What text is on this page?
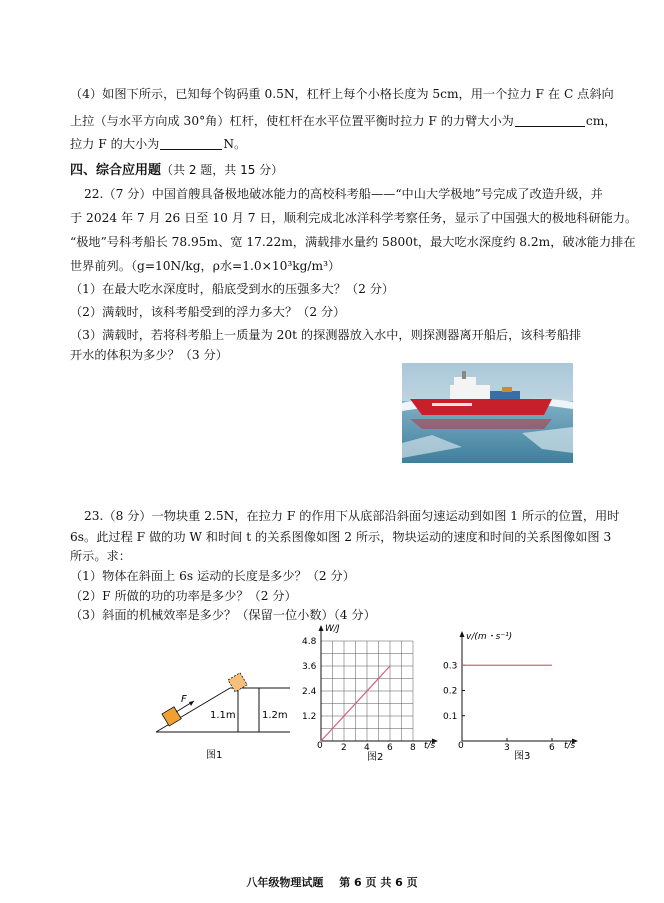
（4）如图下所示，已知每个钩码重 0.5N，杠杆上每个小格长度为 5cm，用一个拉力 F 在 C 点斜向
上拉（与水平方向成 30°角）杠杆，使杠杆在水平位置平衡时拉力 F 的力臂大小为	cm，
拉力 F 的大小为	N。
四、综合应用题（共 2 题，共 15 分）
22.（7 分）中国首艘具备极地破冰能力的高校科考船——“中山大学极地”号完成了改造升级，并
于 2024 年 7 月 26 日至 10 月 7 日，顺利完成北冰洋科学考察任务，显示了中国强大的极地科研能力。
“极地”号科考船长 78.95m、宽 17.22m，满载排水量约 5800t，最大吃水深度约 8.2m，破冰能力排在
世界前列。（g=10N/kg，ρ水=1.0×10³kg/m³）
（1）在最大吃水深度时，船底受到水的压强多大？（2 分）
（2）满载时，该科考船受到的浮力多大？（2 分）
（3）满载时，若将科考船上一质量为 20t 的探测器放入水中，则探测器离开船后，该科考船排
开水的体积为多少？（3 分）
23.（8 分）一物块重 2.5N，在拉力 F 的作用下从底部沿斜面匀速运动到如图 1 所示的位置，用时
6s。此过程 F 做的功 W 和时间 t 的关系图像如图 2 所示，物块运动的速度和时间的关系图像如图 3
所示。求：
（1）物体在斜面上 6s 运动的长度是多少？（2 分）
（2）F 所做的功的功率是多少？（2 分）
（3）斜面的机械效率是多少？（保留一位小数）（4 分）
F
1.1m	1.2m
图1
W/J
t/s
0 2 4 6 8
1.2
2.4
3.6
4.8
图2
v/(m・s⁻¹)
t/s
0	3	6
0.1
0.2
0.3
图3
八年级物理试题 第 6 页 共 6 页
